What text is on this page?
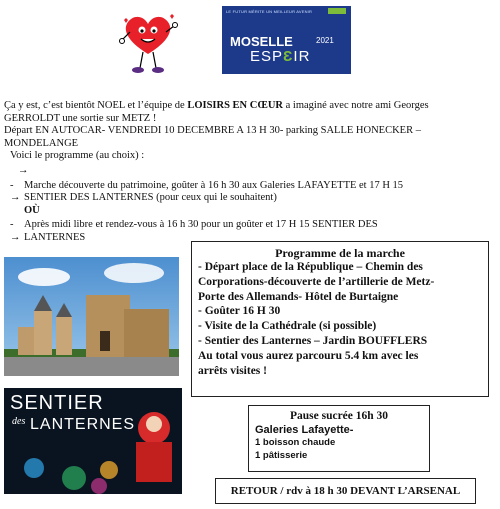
LE FUTUR MÉRITE UN MEILLEUR AVENIR
MOSELLE	2021
ESPƐIR
Ça y est, c’est bientôt NOEL et l’équipe de LOISIRS EN CŒUR a imaginé avec notre ami Georges
GERROLDT une sortie sur METZ !
Départ EN AUTOCAR- VENDREDI 10 DECEMBRE A 13 H 30- parking SALLE HONECKER –
MONDELANGE
Voici le programme (au choix) :
→
- →
Marche découverte du patrimoine, goûter à 16 h 30 aux Galeries LAFAYETTE et 17 H 15
SENTIER DES LANTERNES (pour ceux qui le souhaitent)
OÙ
- →
Après midi libre et rendez-vous à 16 h 30 pour un goûter et 17 H 15 SENTIER DES
LANTERNES
SENTIER
des LANTERNES
Programme de la marche
- Départ place de la République – Chemin des
Corporations-découverte de l’artillerie de Metz-
Porte des Allemands- Hôtel de Burtaigne
- Goûter 16 H 30
- Visite de la Cathédrale (si possible)
- Sentier des Lanternes – Jardin BOUFFLERS
Au total vous aurez parcouru 5.4 km avec les
arrêts visites !
Pause sucrée 16h 30
Galeries Lafayette-
1 boisson chaude
1 pâtisserie
RETOUR / rdv à 18 h 30 DEVANT L’ARSENAL
